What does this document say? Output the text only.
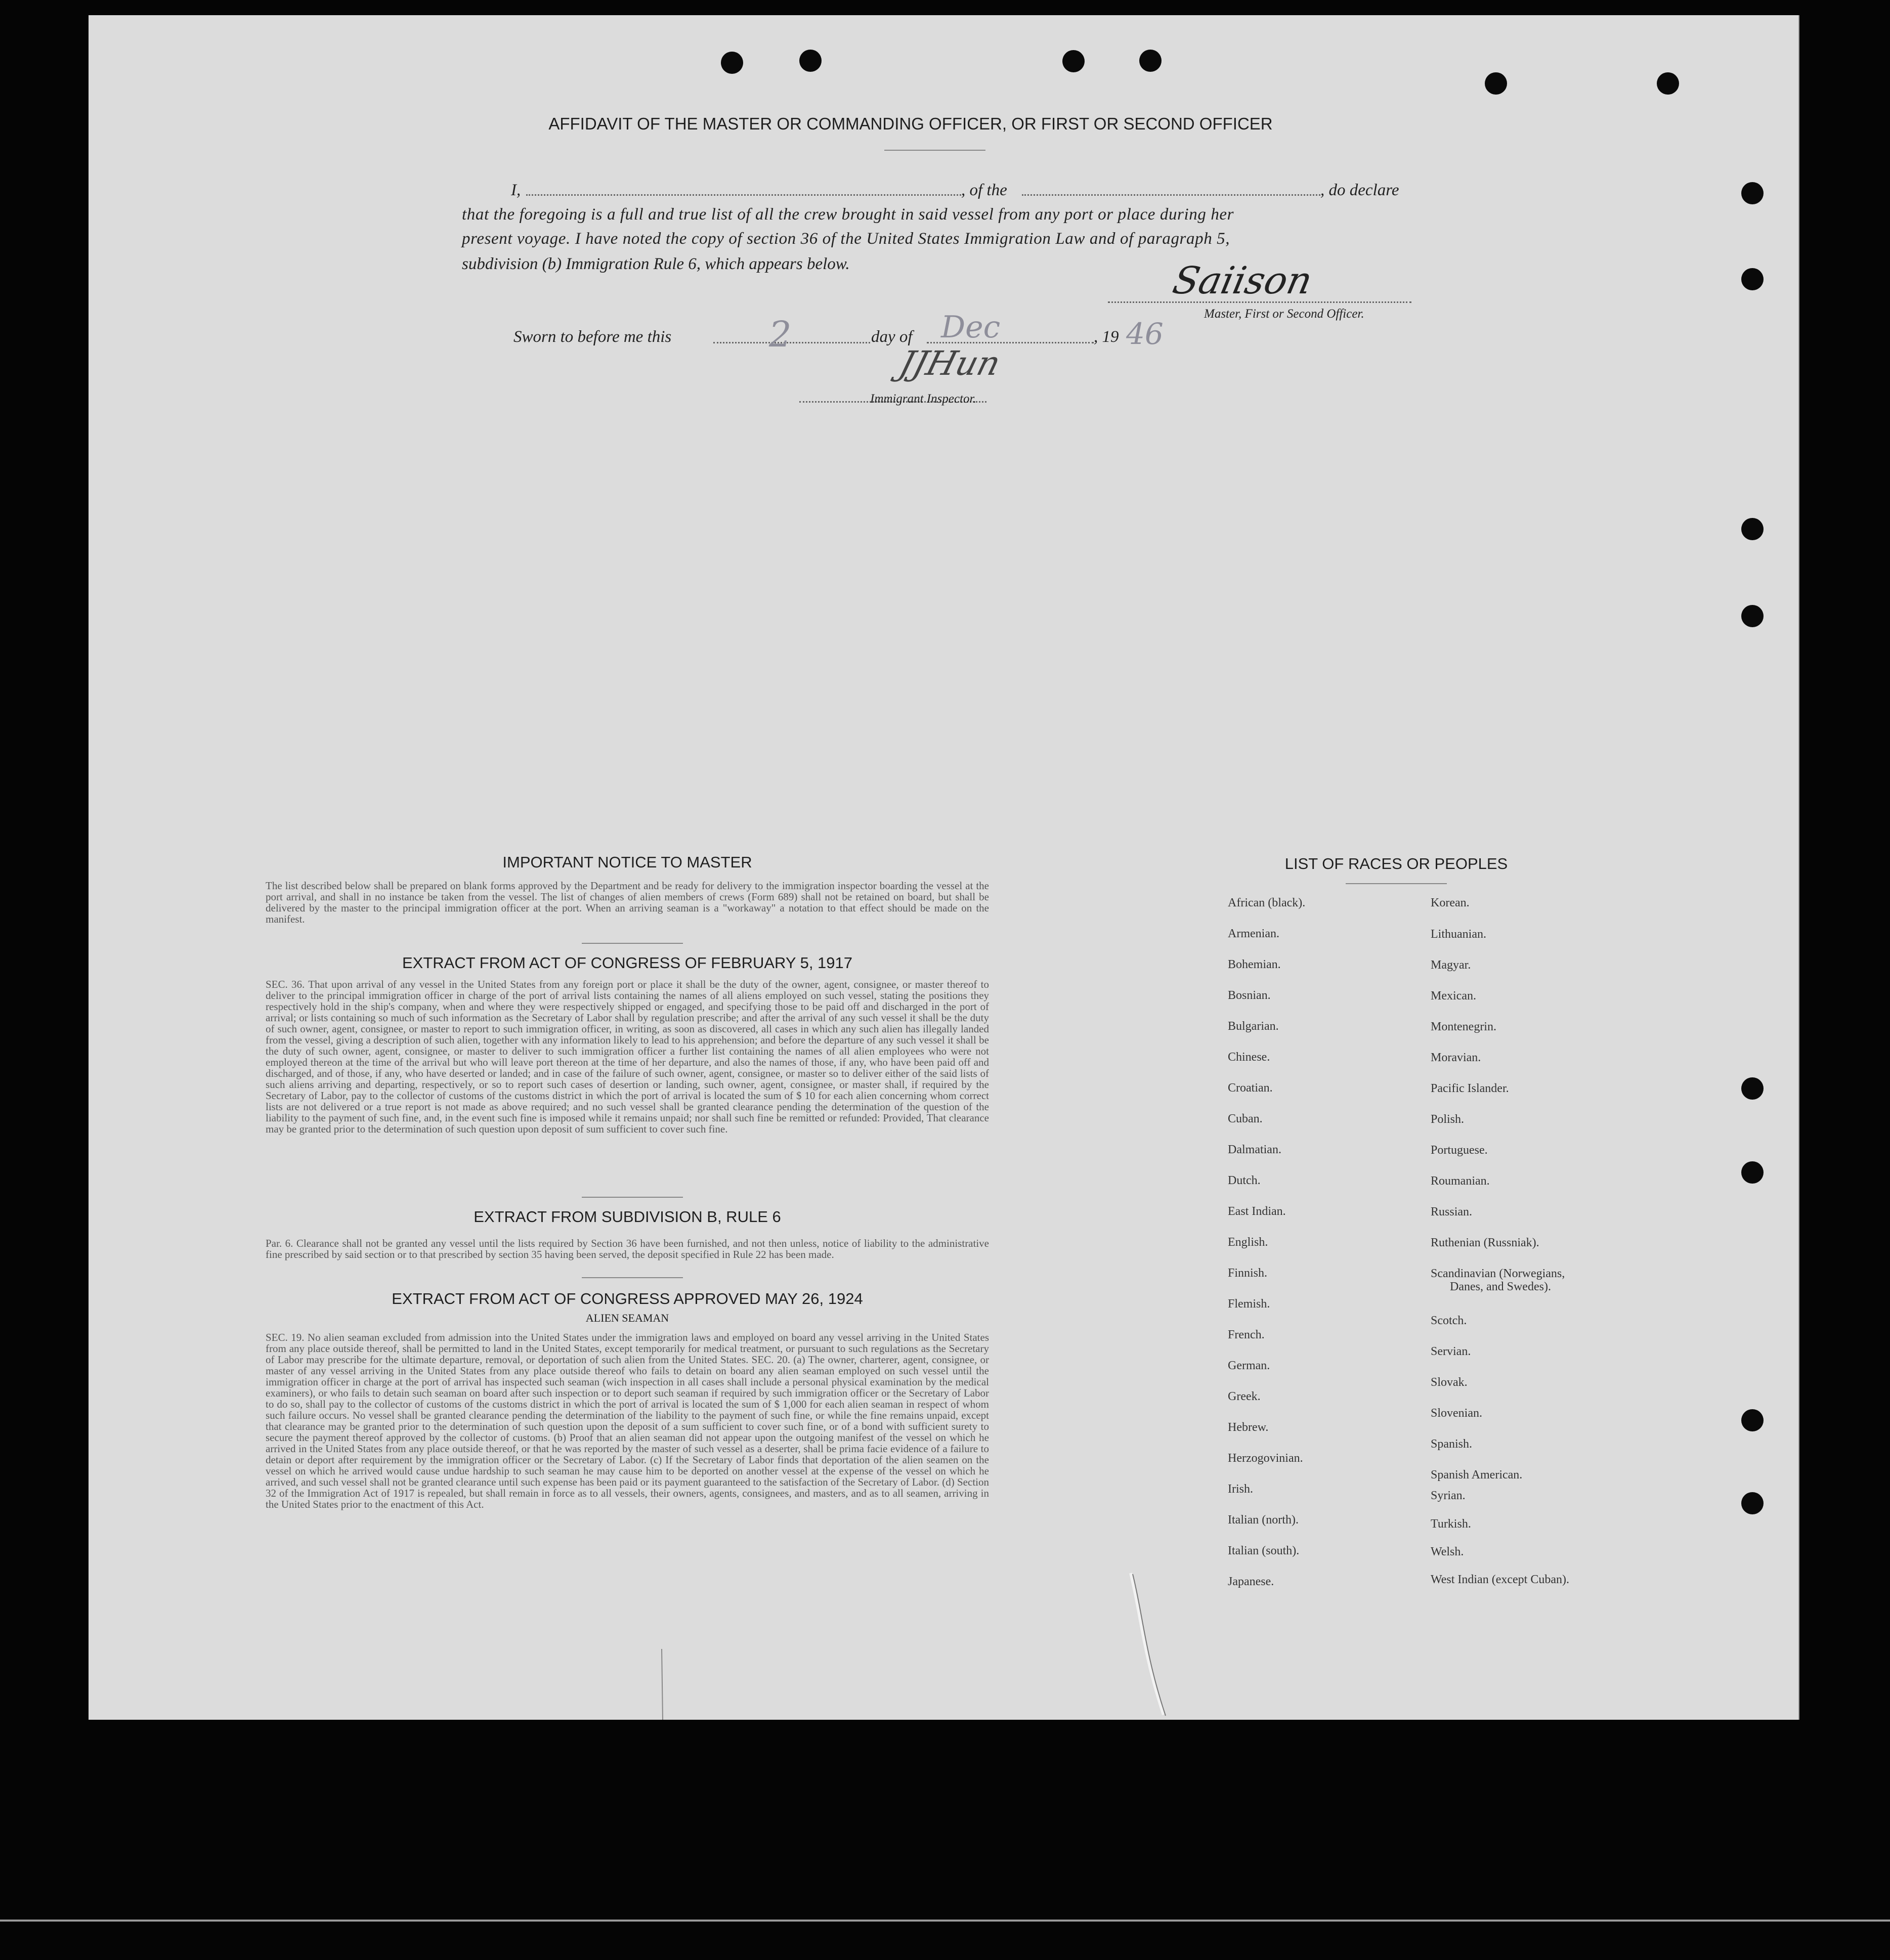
AFFIDAVIT OF THE MASTER OR COMMANDING OFFICER, OR FIRST OR SECOND OFFICER
I,	, of the	, do declare
that the foregoing is a full and true list of all the crew brought in said vessel from any port or place during her
present voyage. I have noted the copy of section 36 of the United States Immigration Law and of paragraph 5,
subdivision (b) Immigration Rule 6, which appears below.	Saiison
Master, First or Second Officer.
Sworn to before me this	2	day of Dec	, 19 46
JJHun
Immigrant Inspector.
IMPORTANT NOTICE TO MASTER
The list described below shall be prepared on blank forms approved by the Department and be ready for delivery to the immigration inspector boarding the vessel at the port arrival, and shall in no instance be taken from the vessel. The list of changes of alien members of crews (Form 689) shall not be retained on board, but shall be delivered by the master to the principal immigration officer at the port. When an arriving seaman is a "workaway" a notation to that effect should be made on the manifest.
EXTRACT FROM ACT OF CONGRESS OF FEBRUARY 5, 1917
SEC. 36. That upon arrival of any vessel in the United States from any foreign port or place it shall be the duty of the owner, agent, consignee, or master thereof to deliver to the principal immigration officer in charge of the port of arrival lists containing the names of all aliens employed on such vessel, stating the positions they respectively hold in the ship's company, when and where they were respectively shipped or engaged, and specifying those to be paid off and discharged in the port of arrival; or lists containing so much of such information as the Secretary of Labor shall by regulation prescribe; and after the arrival of any such vessel it shall be the duty of such owner, agent, consignee, or master to report to such immigration officer, in writing, as soon as discovered, all cases in which any such alien has illegally landed from the vessel, giving a description of such alien, together with any information likely to lead to his apprehension; and before the departure of any such vessel it shall be the duty of such owner, agent, consignee, or master to deliver to such immigration officer a further list containing the names of all alien employees who were not employed thereon at the time of the arrival but who will leave port thereon at the time of her departure, and also the names of those, if any, who have been paid off and discharged, and of those, if any, who have deserted or landed; and in case of the failure of such owner, agent, consignee, or master so to deliver either of the said lists of such aliens arriving and departing, respectively, or so to report such cases of desertion or landing, such owner, agent, consignee, or master shall, if required by the Secretary of Labor, pay to the collector of customs of the customs district in which the port of arrival is located the sum of $ 10 for each alien concerning whom correct lists are not delivered or a true report is not made as above required; and no such vessel shall be granted clearance pending the determination of the question of the liability to the payment of such fine, and, in the event such fine is imposed while it remains unpaid; nor shall such fine be remitted or refunded: Provided, That clearance may be granted prior to the determination of such question upon deposit of sum sufficient to cover such fine.
EXTRACT FROM SUBDIVISION B, RULE 6
Par. 6. Clearance shall not be granted any vessel until the lists required by Section 36 have been furnished, and not then unless, notice of liability to the administrative fine prescribed by said section or to that prescribed by section 35 having been served, the deposit specified in Rule 22 has been made.
EXTRACT FROM ACT OF CONGRESS APPROVED MAY 26, 1924
ALIEN SEAMAN
SEC. 19. No alien seaman excluded from admission into the United States under the immigration laws and employed on board any vessel arriving in the United States from any place outside thereof, shall be permitted to land in the United States, except temporarily for medical treatment, or pursuant to such regulations as the Secretary of Labor may prescribe for the ultimate departure, removal, or deportation of such alien from the United States. SEC. 20. (a) The owner, charterer, agent, consignee, or master of any vessel arriving in the United States from any place outside thereof who fails to detain on board any alien seaman employed on such vessel until the immigration officer in charge at the port of arrival has inspected such seaman (wich inspection in all cases shall include a personal physical examination by the medical examiners), or who fails to detain such seaman on board after such inspection or to deport such seaman if required by such immigration officer or the Secretary of Labor to do so, shall pay to the collector of customs of the customs district in which the port of arrival is located the sum of $ 1,000 for each alien seaman in respect of whom such failure occurs. No vessel shall be granted clearance pending the determination of the liability to the payment of such fine, or while the fine remains unpaid, except that clearance may be granted prior to the determination of such question upon the deposit of a sum sufficient to cover such fine, or of a bond with sufficient surety to secure the payment thereof approved by the collector of customs. (b) Proof that an alien seaman did not appear upon the outgoing manifest of the vessel on which he arrived in the United States from any place outside thereof, or that he was reported by the master of such vessel as a deserter, shall be prima facie evidence of a failure to detain or deport after requirement by the immigration officer or the Secretary of Labor. (c) If the Secretary of Labor finds that deportation of the alien seamen on the vessel on which he arrived would cause undue hardship to such seaman he may cause him to be deported on another vessel at the expense of the vessel on which he arrived, and such vessel shall not be granted clearance until such expense has been paid or its payment guaranteed to the satisfaction of the Secretary of Labor. (d) Section 32 of the Immigration Act of 1917 is repealed, but shall remain in force as to all vessels, their owners, agents, consignees, and masters, and as to all seamen, arriving in the United States prior to the enactment of this Act.
LIST OF RACES OR PEOPLES
African (black).
Armenian.
Bohemian.
Bosnian.
Bulgarian.
Chinese.
Croatian.
Cuban.
Dalmatian.
Dutch.
East Indian.
English.
Finnish.
Flemish.
French.
German.
Greek.
Hebrew.
Herzogovinian.
Irish.
Italian (north).
Italian (south).
Japanese.
Korean.
Lithuanian.
Magyar.
Mexican.
Montenegrin.
Moravian.
Pacific Islander.
Polish.
Portuguese.
Roumanian.
Russian.
Ruthenian (Russniak).
Scandinavian (Norwegians,
Danes, and Swedes).
Scotch.
Servian.
Slovak.
Slovenian.
Spanish.
Spanish American.
Syrian.
Turkish.
Welsh.
West Indian (except Cuban).
